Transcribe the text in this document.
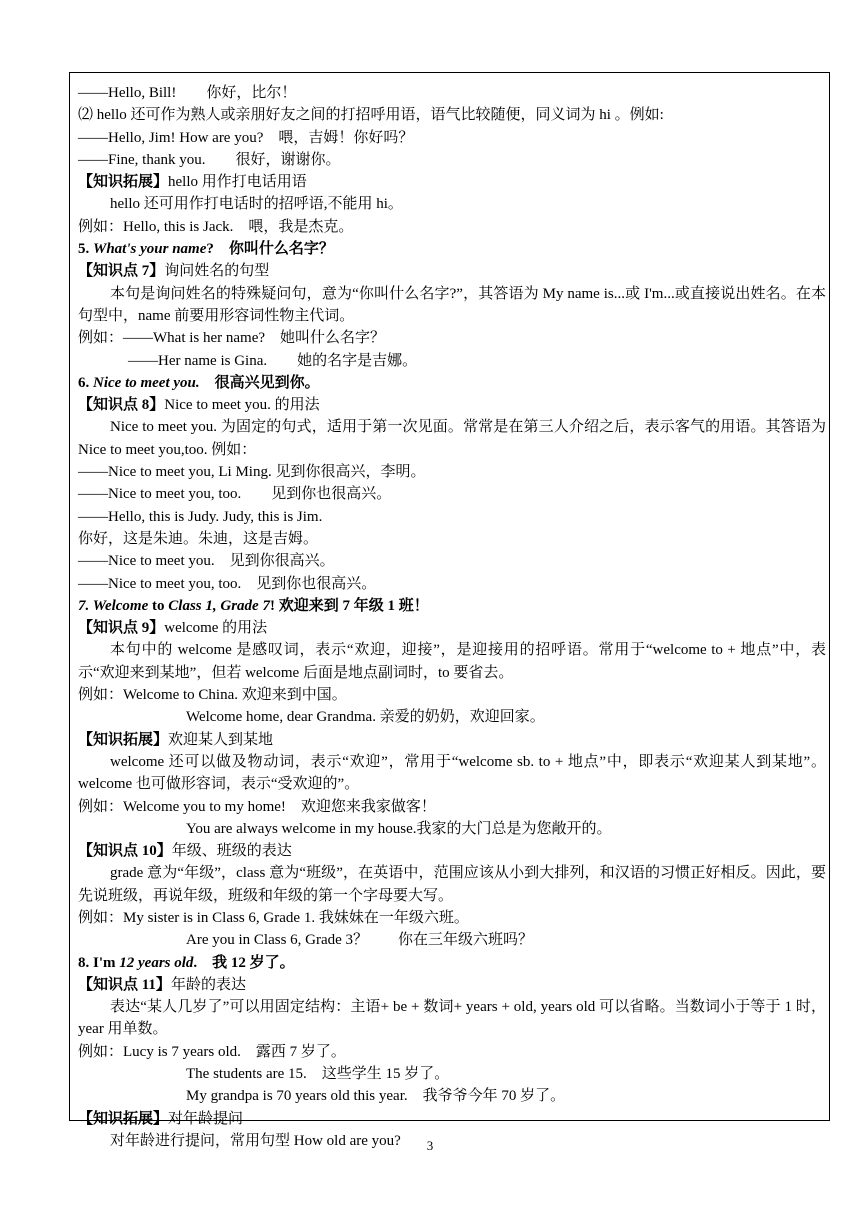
——Hello, Bill!　　你好，比尔！
⑵ hello 还可作为熟人或亲朋好友之间的打招呼用语，语气比较随便，同义词为 hi 。例如:
——Hello, Jim! How are you?　喂，吉姆！你好吗？
——Fine, thank you.　　很好，谢谢你。
【知识拓展】hello 用作打电话用语
hello 还可用作打电话时的招呼语,不能用 hi。
例如：Hello, this is Jack.　喂，我是杰克。
5. What's your name?　你叫什么名字？
【知识点 7】询问姓名的句型
本句是询问姓名的特殊疑问句，意为“你叫什么名字?”，其答语为 My name is...或 I'm...或直接说出姓名。在本句型中，name 前要用形容词性物主代词。
例如：——What is her name?　她叫什么名字？
——Her name is Gina.　　她的名字是吉娜。
6. Nice to meet you.　很高兴见到你。
【知识点 8】Nice to meet you. 的用法
Nice to meet you. 为固定的句式，适用于第一次见面。常常是在第三人介绍之后，表示客气的用语。其答语为 Nice to meet you,too. 例如：
——Nice to meet you, Li Ming. 见到你很高兴，李明。
——Nice to meet you, too.　　见到你也很高兴。
——Hello, this is Judy. Judy, this is Jim.
你好，这是朱迪。朱迪，这是吉姆。
——Nice to meet you.　见到你很高兴。
——Nice to meet you, too.　见到你也很高兴。
7. Welcome to Class 1, Grade 7! 欢迎来到 7 年级 1 班！
【知识点 9】welcome 的用法
本句中的 welcome 是感叹词，表示“欢迎，迎接”，是迎接用的招呼语。常用于“welcome to + 地点”中，表示“欢迎来到某地”，但若 welcome 后面是地点副词时，to 要省去。
例如：Welcome to China. 欢迎来到中国。
Welcome home, dear Grandma. 亲爱的奶奶，欢迎回家。
【知识拓展】欢迎某人到某地
welcome 还可以做及物动词，表示“欢迎”，常用于“welcome sb. to + 地点”中，即表示“欢迎某人到某地”。welcome 也可做形容词，表示“受欢迎的”。
例如：Welcome you to my home!　欢迎您来我家做客！
You are always welcome in my house.我家的大门总是为您敞开的。
【知识点 10】年级、班级的表达
grade 意为“年级”，class 意为“班级”，在英语中，范围应该从小到大排列，和汉语的习惯正好相反。因此，要先说班级，再说年级，班级和年级的第一个字母要大写。
例如：My sister is in Class 6, Grade 1. 我妹妹在一年级六班。
Are you in Class 6, Grade 3？　　你在三年级六班吗？
8. I'm 12 years old.　我 12 岁了。
【知识点 11】年龄的表达
表达“某人几岁了”可以用固定结构：主语+ be + 数词+ years + old, years old 可以省略。当数词小于等于 1 时，year 用单数。
例如：Lucy is 7 years old.　露西 7 岁了。
The students are 15.　这些学生 15 岁了。
My grandpa is 70 years old this year.　我爷爷今年 70 岁了。
【知识拓展】对年龄提问
对年龄进行提问，常用句型 How old are you?	3
